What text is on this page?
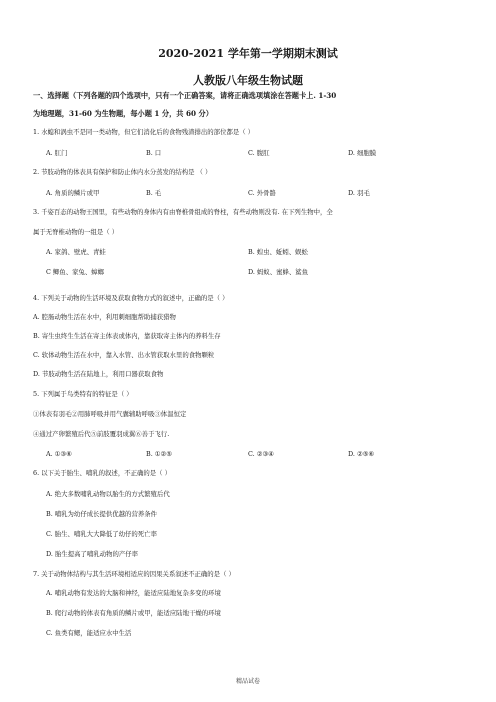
2020-2021 学年第一学期期末测试
人教版八年级生物试题
一、选择题（下列各题的四个选项中，只有一个正确答案，请将正确选项填涂在答题卡上. 1-30
为地理题，31-60 为生物题，每小题 1 分，共 60 分）
1. 水螅和涡虫不是同一类动物，但它们消化后的食物残渣排出的部位都是（ ）
A. 肛门	B. 口	C. 腹肛	D. 细胞膜
2. 节肢动物的体表具有保护和防止体内水分蒸发的结构是 （ ）
A. 角质的鳞片或甲	B. 毛	C. 外骨骼	D. 羽毛
3. 千姿百态的动物王国里，有些动物的身体内有由脊椎骨组成的脊柱，有些动物则没有. 在下列生物中，全
属于无脊椎动物的一组是（ ）
A. 家鸽、壁虎、青蛙	B. 蝗虫、蚯蚓、蜈蚣
C 鲫鱼、家兔、蟑螂	D. 蚂蚁、蜜蜂、鲨鱼
4. 下列关于动物的生活环境及获取食物方式的叙述中，正确的是（ ）
A. 腔肠动物生活在水中，利用刺细胞帮助捕获猎物
B. 寄生虫终生生活在寄主体表或体内，靠获取寄主体内的养料生存
C. 软体动物生活在水中，靠入水管、出水管获取水里的食物颗粒
D. 节肢动物生活在陆地上，利用口器获取食物
5. 下列属于鸟类特有的特征是（ ）
①体表有羽毛②用肺呼吸并用气囊辅助呼吸③体温恒定
④通过产卵繁殖后代⑤前肢覆羽成翼⑥善于飞行.
A. ①③⑥	B. ①②⑤	C. ②③④	D. ②⑤⑥
6. 以下关于胎生、哺乳的叙述，不正确的是（ ）
A. 绝大多数哺乳动物以胎生的方式繁殖后代
B. 哺乳为幼仔成长提供优越的营养条件
C. 胎生、哺乳大大降低了幼仔的死亡率
D. 胎生提高了哺乳动物的产仔率
7. 关于动物体结构与其生活环境相适应的因果关系叙述不正确的是（ ）
A. 哺乳动物有发达的大脑和神经，能适应陆地复杂多变的环境
B. 爬行动物的体表有角质的鳞片或甲，能适应陆地干燥的环境
C. 鱼类有鳃，能适应水中生活
精品试卷
